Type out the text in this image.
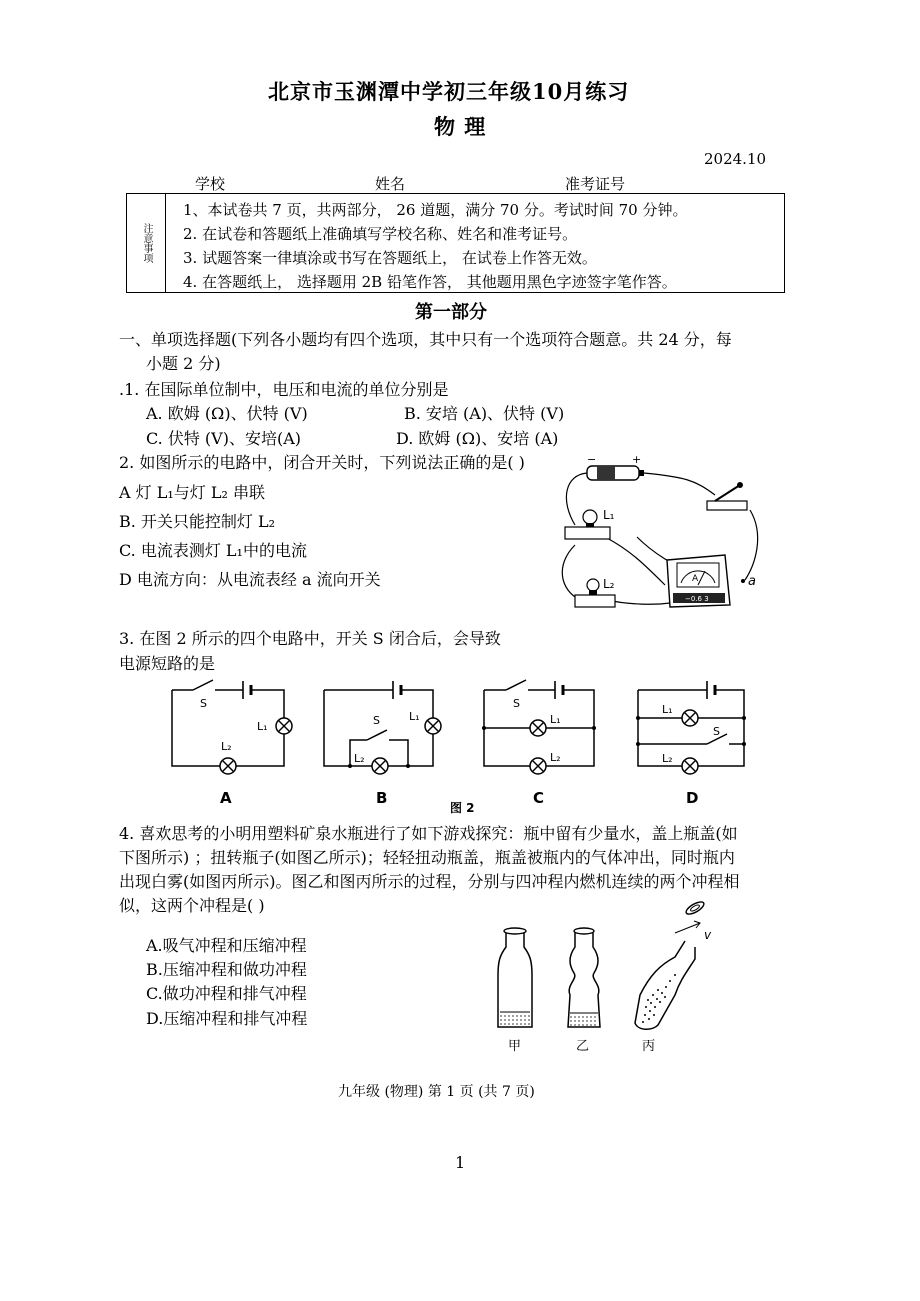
北京市玉渊潭中学初三年级10月练习
物 理
2024.10
学校	姓名	准考证号
注意事项
1、本试卷共 7 页，共两部分， 26 道题，满分 70 分。考试时间 70 分钟。
2. 在试卷和答题纸上准确填写学校名称、姓名和准考证号。
3. 试题答案一律填涂或书写在答题纸上， 在试卷上作答无效。
4. 在答题纸上， 选择题用 2B 铅笔作答， 其他题用黑色字迹签字笔作答。
第一部分
一、单项选择题(下列各小题均有四个选项，其中只有一个选项符合题意。共 24 分，每
小题 2 分)
.1. 在国际单位制中，电压和电流的单位分别是
A. 欧姆 (Ω)、伏特 (V)	B. 安培 (A)、伏特 (V)
C. 伏特 (V)、安培(A)	D. 欧姆 (Ω)、安培 (A)
2. 如图所示的电路中，闭合开关时，下列说法正确的是( )
A 灯 L₁与灯 L₂ 串联
B. 开关只能控制灯 L₂
C. 电流表测灯 L₁中的电流
D 电流方向：从电流表经 a 流向开关
−	+
L₁
L₂	A
−0.6 3
a
3. 在图 2 所示的四个电路中，开关 S 闭合后，会导致
电源短路的是
S
L₁
L₂
A
S	L₁
L₂
B
S
L₁
L₂
C
L₁
S
L₂
D
图 2
4. 喜欢思考的小明用塑料矿泉水瓶进行了如下游戏探究：瓶中留有少量水，盖上瓶盖(如
下图所示) ；扭转瓶子(如图乙所示)；轻轻扭动瓶盖，瓶盖被瓶内的气体冲出，同时瓶内
出现白雾(如图丙所示)。图乙和图丙所示的过程，分别与四冲程内燃机连续的两个冲程相
似，这两个冲程是( )
A.吸气冲程和压缩冲程
B.压缩冲程和做功冲程
C.做功冲程和排气冲程
D.压缩冲程和排气冲程
v
甲	乙	丙
九年级 (物理) 第 1 页 (共 7 页)
1
